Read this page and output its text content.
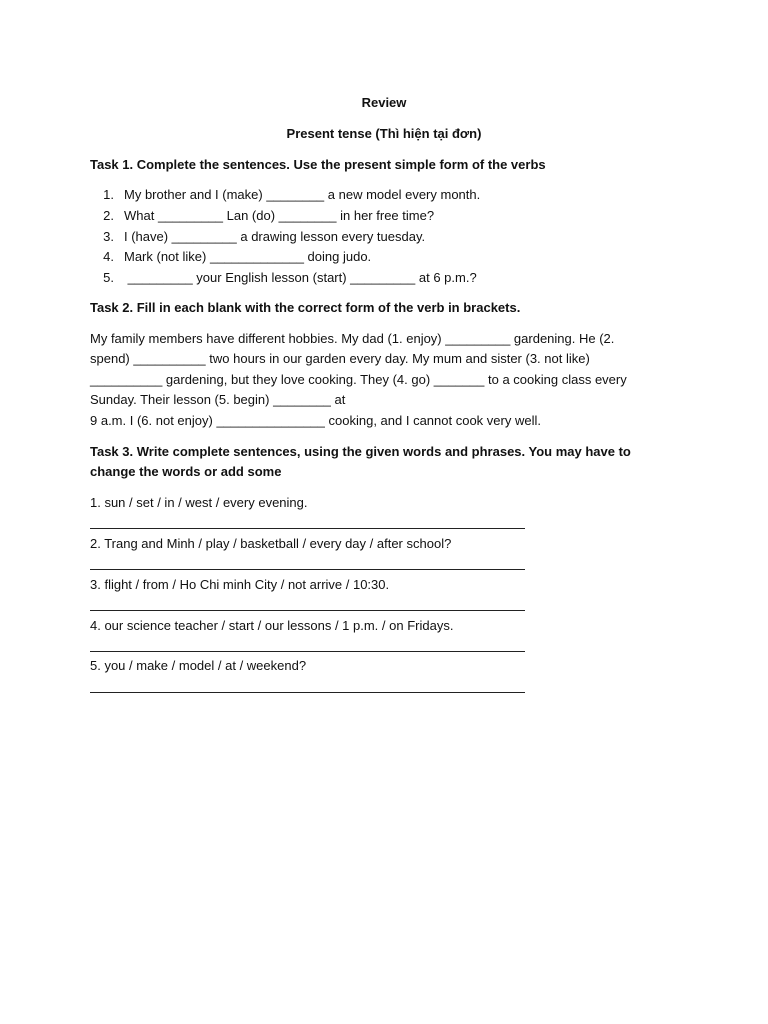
Review
Present tense (Thì hiện tại đơn)
Task 1. Complete the sentences. Use the present simple form of the verbs
1. My brother and I (make) ________ a new model every month.
2. What _________ Lan (do) ________ in her free time?
3. I (have) _________ a drawing lesson every tuesday.
4. Mark (not like) _____________ doing judo.
5. _________ your English lesson (start) _________ at 6 p.m.?
Task 2. Fill in each blank with the correct form of the verb in brackets.
My family members have different hobbies. My dad (1. enjoy) _________ gardening. He (2.
spend) __________ two hours in our garden every day. My mum and sister (3. not like)
__________ gardening, but they love cooking. They (4. go) _______ to a cooking class every
Sunday. Their lesson (5. begin) ________ at
9 a.m. I (6. not enjoy) _______________ cooking, and I cannot cook very well.
Task 3. Write complete sentences, using the given words and phrases. You may have to
change the words or add some
1. sun / set / in / west / every evening.
2. Trang and Minh / play / basketball / every day / after school?
3. flight / from / Ho Chi minh City / not arrive / 10:30.
4. our science teacher / start / our lessons / 1 p.m. / on Fridays.
5. you / make / model / at / weekend?
